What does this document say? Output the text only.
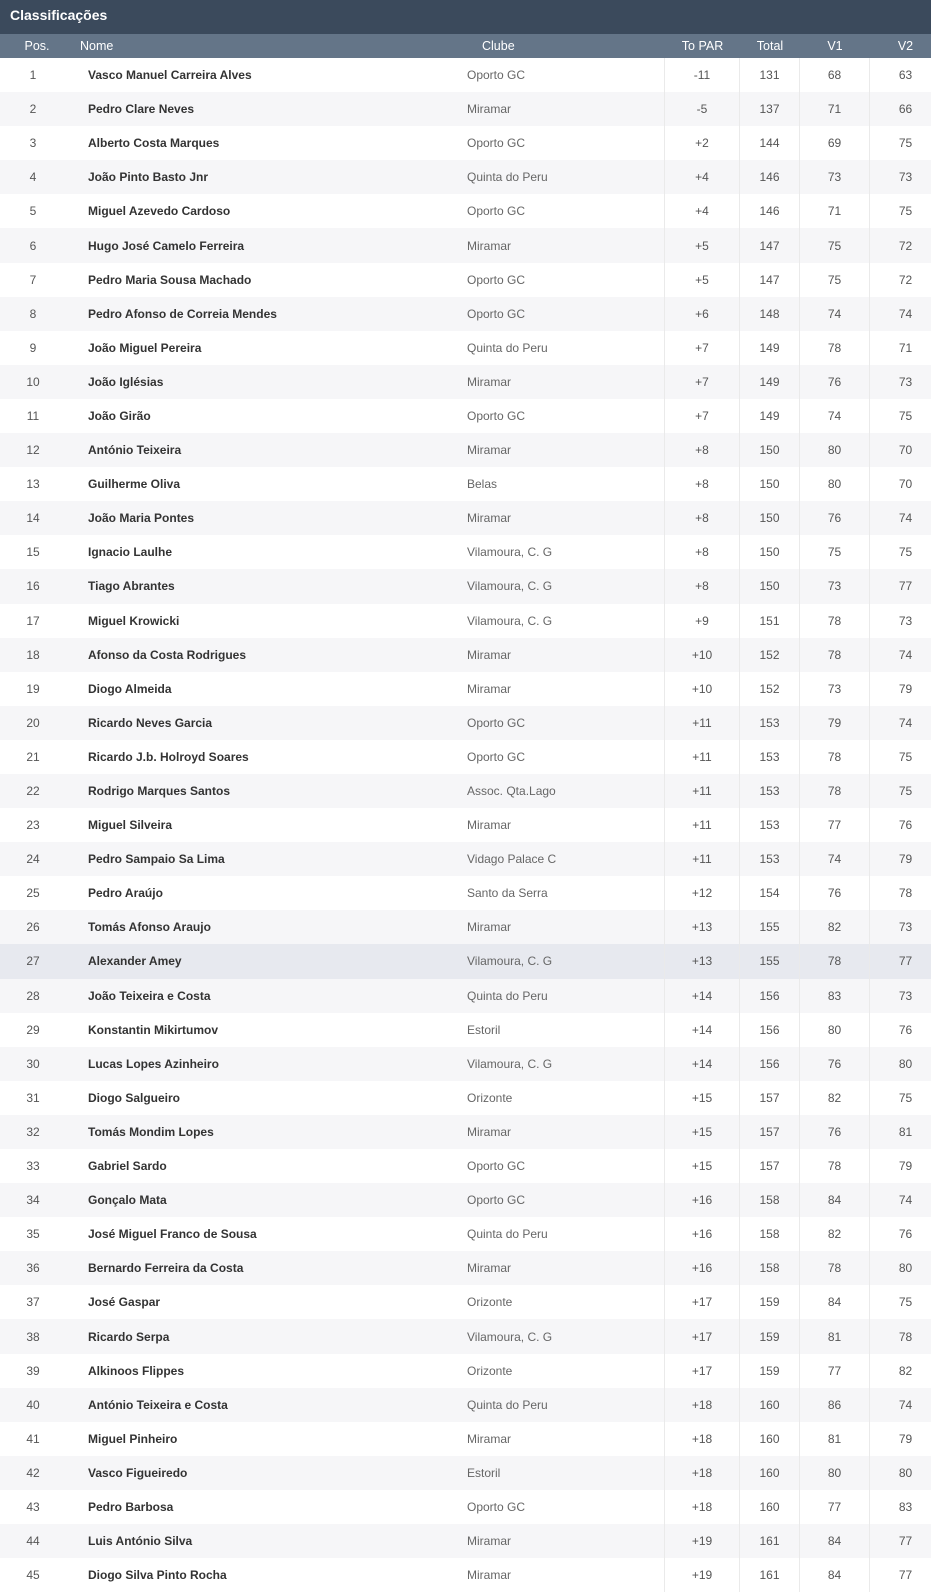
Classificações
Pos.	Nome	Clube	To PAR	Total	V1	V2
1	Vasco Manuel Carreira Alves	Oporto GC	-11	131	68	63
2	Pedro Clare Neves	Miramar	-5	137	71	66
3	Alberto Costa Marques	Oporto GC	+2	144	69	75
4	João Pinto Basto Jnr	Quinta do Peru	+4	146	73	73
5	Miguel Azevedo Cardoso	Oporto GC	+4	146	71	75
6	Hugo José Camelo Ferreira	Miramar	+5	147	75	72
7	Pedro Maria Sousa Machado	Oporto GC	+5	147	75	72
8	Pedro Afonso de Correia Mendes	Oporto GC	+6	148	74	74
9	João Miguel Pereira	Quinta do Peru	+7	149	78	71
10	João Iglésias	Miramar	+7	149	76	73
11	João Girão	Oporto GC	+7	149	74	75
12	António Teixeira	Miramar	+8	150	80	70
13	Guilherme Oliva	Belas	+8	150	80	70
14	João Maria Pontes	Miramar	+8	150	76	74
15	Ignacio Laulhe	Vilamoura, C. G	+8	150	75	75
16	Tiago Abrantes	Vilamoura, C. G	+8	150	73	77
17	Miguel Krowicki	Vilamoura, C. G	+9	151	78	73
18	Afonso da Costa Rodrigues	Miramar	+10	152	78	74
19	Diogo Almeida	Miramar	+10	152	73	79
20	Ricardo Neves Garcia	Oporto GC	+11	153	79	74
21	Ricardo J.b. Holroyd Soares	Oporto GC	+11	153	78	75
22	Rodrigo Marques Santos	Assoc. Qta.Lago	+11	153	78	75
23	Miguel Silveira	Miramar	+11	153	77	76
24	Pedro Sampaio Sa Lima	Vidago Palace C	+11	153	74	79
25	Pedro Araújo	Santo da Serra	+12	154	76	78
26	Tomás Afonso Araujo	Miramar	+13	155	82	73
27	Alexander Amey	Vilamoura, C. G	+13	155	78	77
28	João Teixeira e Costa	Quinta do Peru	+14	156	83	73
29	Konstantin Mikirtumov	Estoril	+14	156	80	76
30	Lucas Lopes Azinheiro	Vilamoura, C. G	+14	156	76	80
31	Diogo Salgueiro	Orizonte	+15	157	82	75
32	Tomás Mondim Lopes	Miramar	+15	157	76	81
33	Gabriel Sardo	Oporto GC	+15	157	78	79
34	Gonçalo Mata	Oporto GC	+16	158	84	74
35	José Miguel Franco de Sousa	Quinta do Peru	+16	158	82	76
36	Bernardo Ferreira da Costa	Miramar	+16	158	78	80
37	José Gaspar	Orizonte	+17	159	84	75
38	Ricardo Serpa	Vilamoura, C. G	+17	159	81	78
39	Alkinoos Flippes	Orizonte	+17	159	77	82
40	António Teixeira e Costa	Quinta do Peru	+18	160	86	74
41	Miguel Pinheiro	Miramar	+18	160	81	79
42	Vasco Figueiredo	Estoril	+18	160	80	80
43	Pedro Barbosa	Oporto GC	+18	160	77	83
44	Luis António Silva	Miramar	+19	161	84	77
45	Diogo Silva Pinto Rocha	Miramar	+19	161	84	77
